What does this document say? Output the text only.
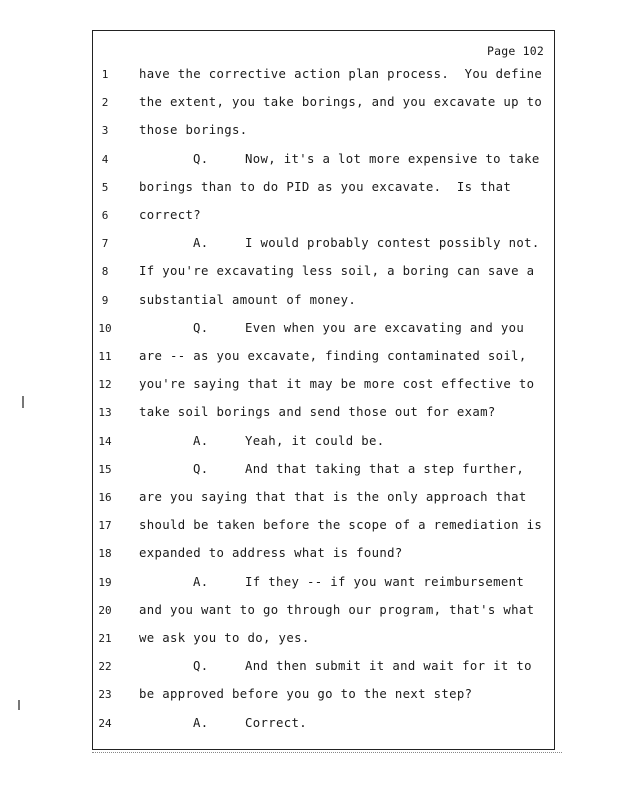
Page 102
1	have the corrective action plan process.  You define
2	the extent, you take borings, and you excavate up to
3	those borings.
4	Q.	Now, it's a lot more expensive to take
5	borings than to do PID as you excavate.  Is that
6	correct?
7	A.	I would probably contest possibly not.
8	If you're excavating less soil, a boring can save a
9	substantial amount of money.
10	Q.	Even when you are excavating and you
11	are -- as you excavate, finding contaminated soil,
12	you're saying that it may be more cost effective to
13	take soil borings and send those out for exam?
14	A.	Yeah, it could be.
15	Q.	And that taking that a step further,
16	are you saying that that is the only approach that
17	should be taken before the scope of a remediation is
18	expanded to address what is found?
19	A.	If they -- if you want reimbursement
20	and you want to go through our program, that's what
21	we ask you to do, yes.
22	Q.	And then submit it and wait for it to
23	be approved before you go to the next step?
24	A.	Correct.
